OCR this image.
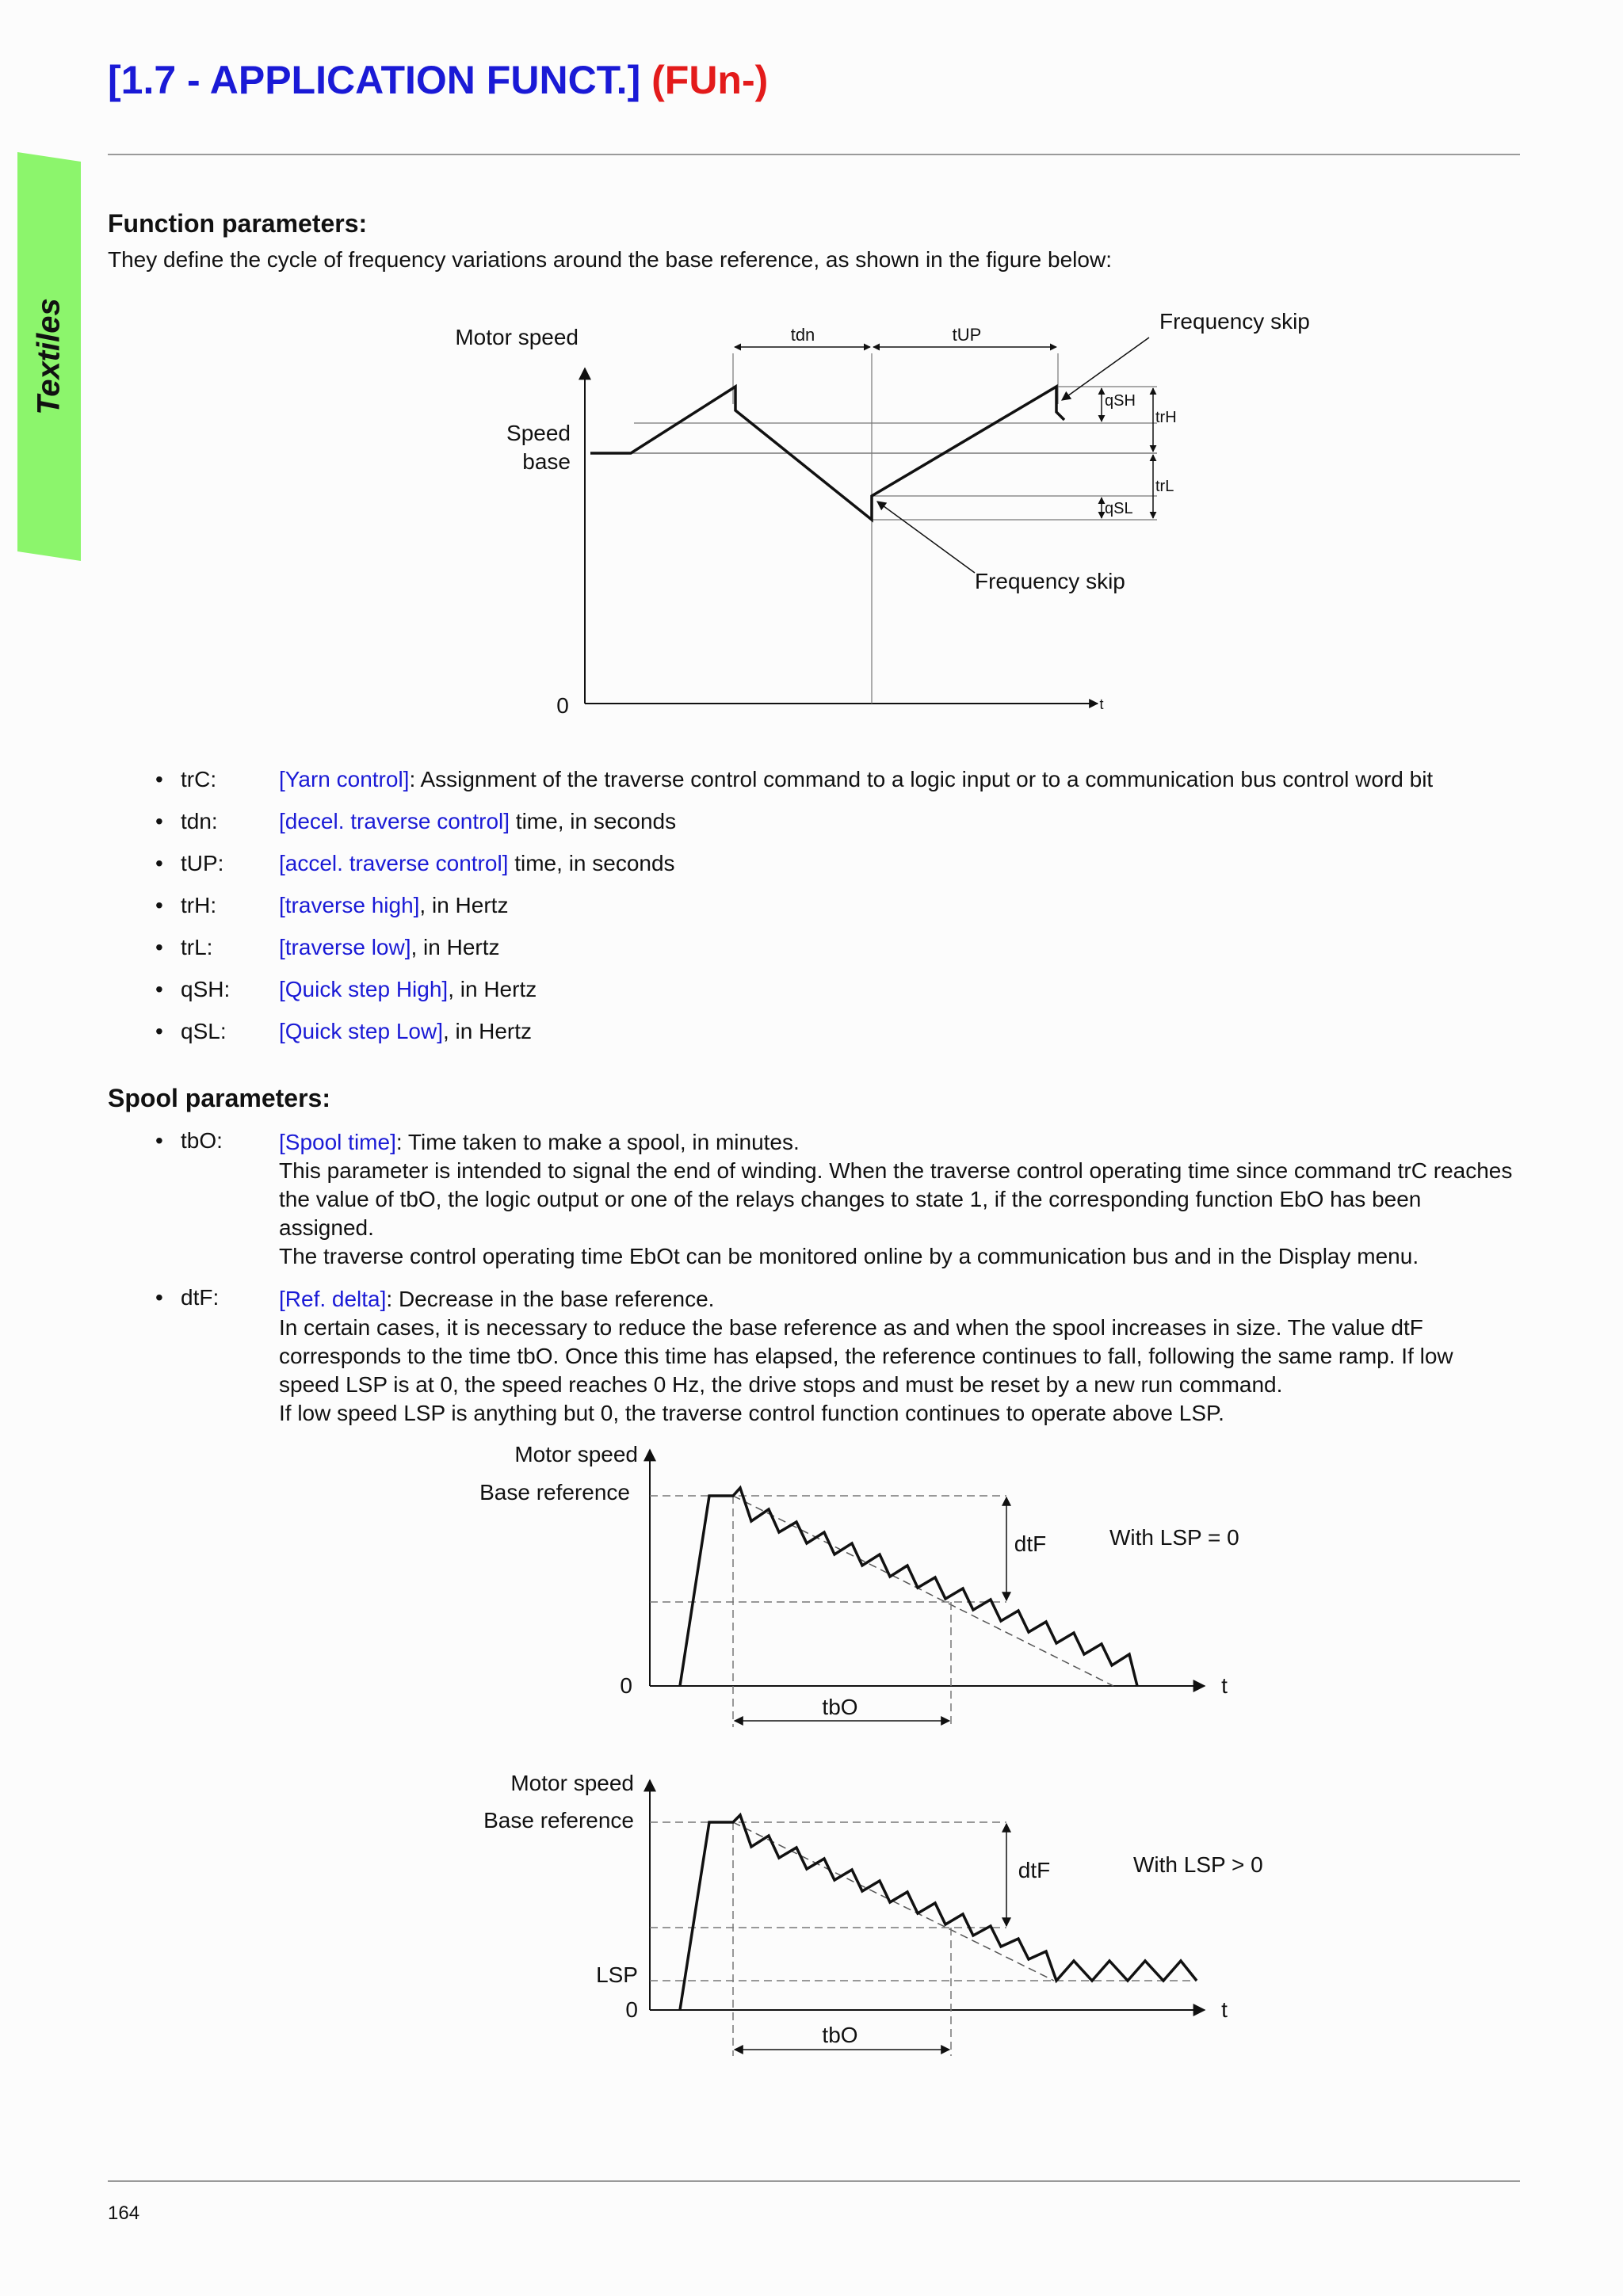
Textiles
[1.7 - APPLICATION FUNCT.] (FUn-)
Function parameters:
They define the cycle of frequency variations around the base reference, as shown in the figure below:
Motor speed
Speed
base
0	t
tdn	tUP
qSH
trH
trL
qSL
Frequency skip
Frequency skip
• trC:	[Yarn control]: Assignment of the traverse control command to a logic input or to a communication bus control word bit
• tdn:	[decel. traverse control] time, in seconds
• tUP:	[accel. traverse control] time, in seconds
• trH:	[traverse high], in Hertz
• trL:	[traverse low], in Hertz
• qSH:	[Quick step High], in Hertz
• qSL:	[Quick step Low], in Hertz
Spool parameters:
• tbO:	[Spool time]: Time taken to make a spool, in minutes.
This parameter is intended to signal the end of winding. When the traverse control operating time since command trC reaches the value of tbO, the logic output or one of the relays changes to state 1, if the corresponding function EbO has been assigned.
The traverse control operating time EbOt can be monitored online by a communication bus and in the Display menu.
• dtF:	[Ref. delta]: Decrease in the base reference.
In certain cases, it is necessary to reduce the base reference as and when the spool increases in size. The value dtF corresponds to the time tbO. Once this time has elapsed, the reference continues to fall, following the same ramp. If low speed LSP is at 0, the speed reaches 0 Hz, the drive stops and must be reset by a new run command.
If low speed LSP is anything but 0, the traverse control function continues to operate above LSP.
Motor speed
Base reference
dtF	With LSP = 0
0	t
tbO
Motor speed
Base reference
dtF	With LSP > 0
LSP
0	t
tbO
164
